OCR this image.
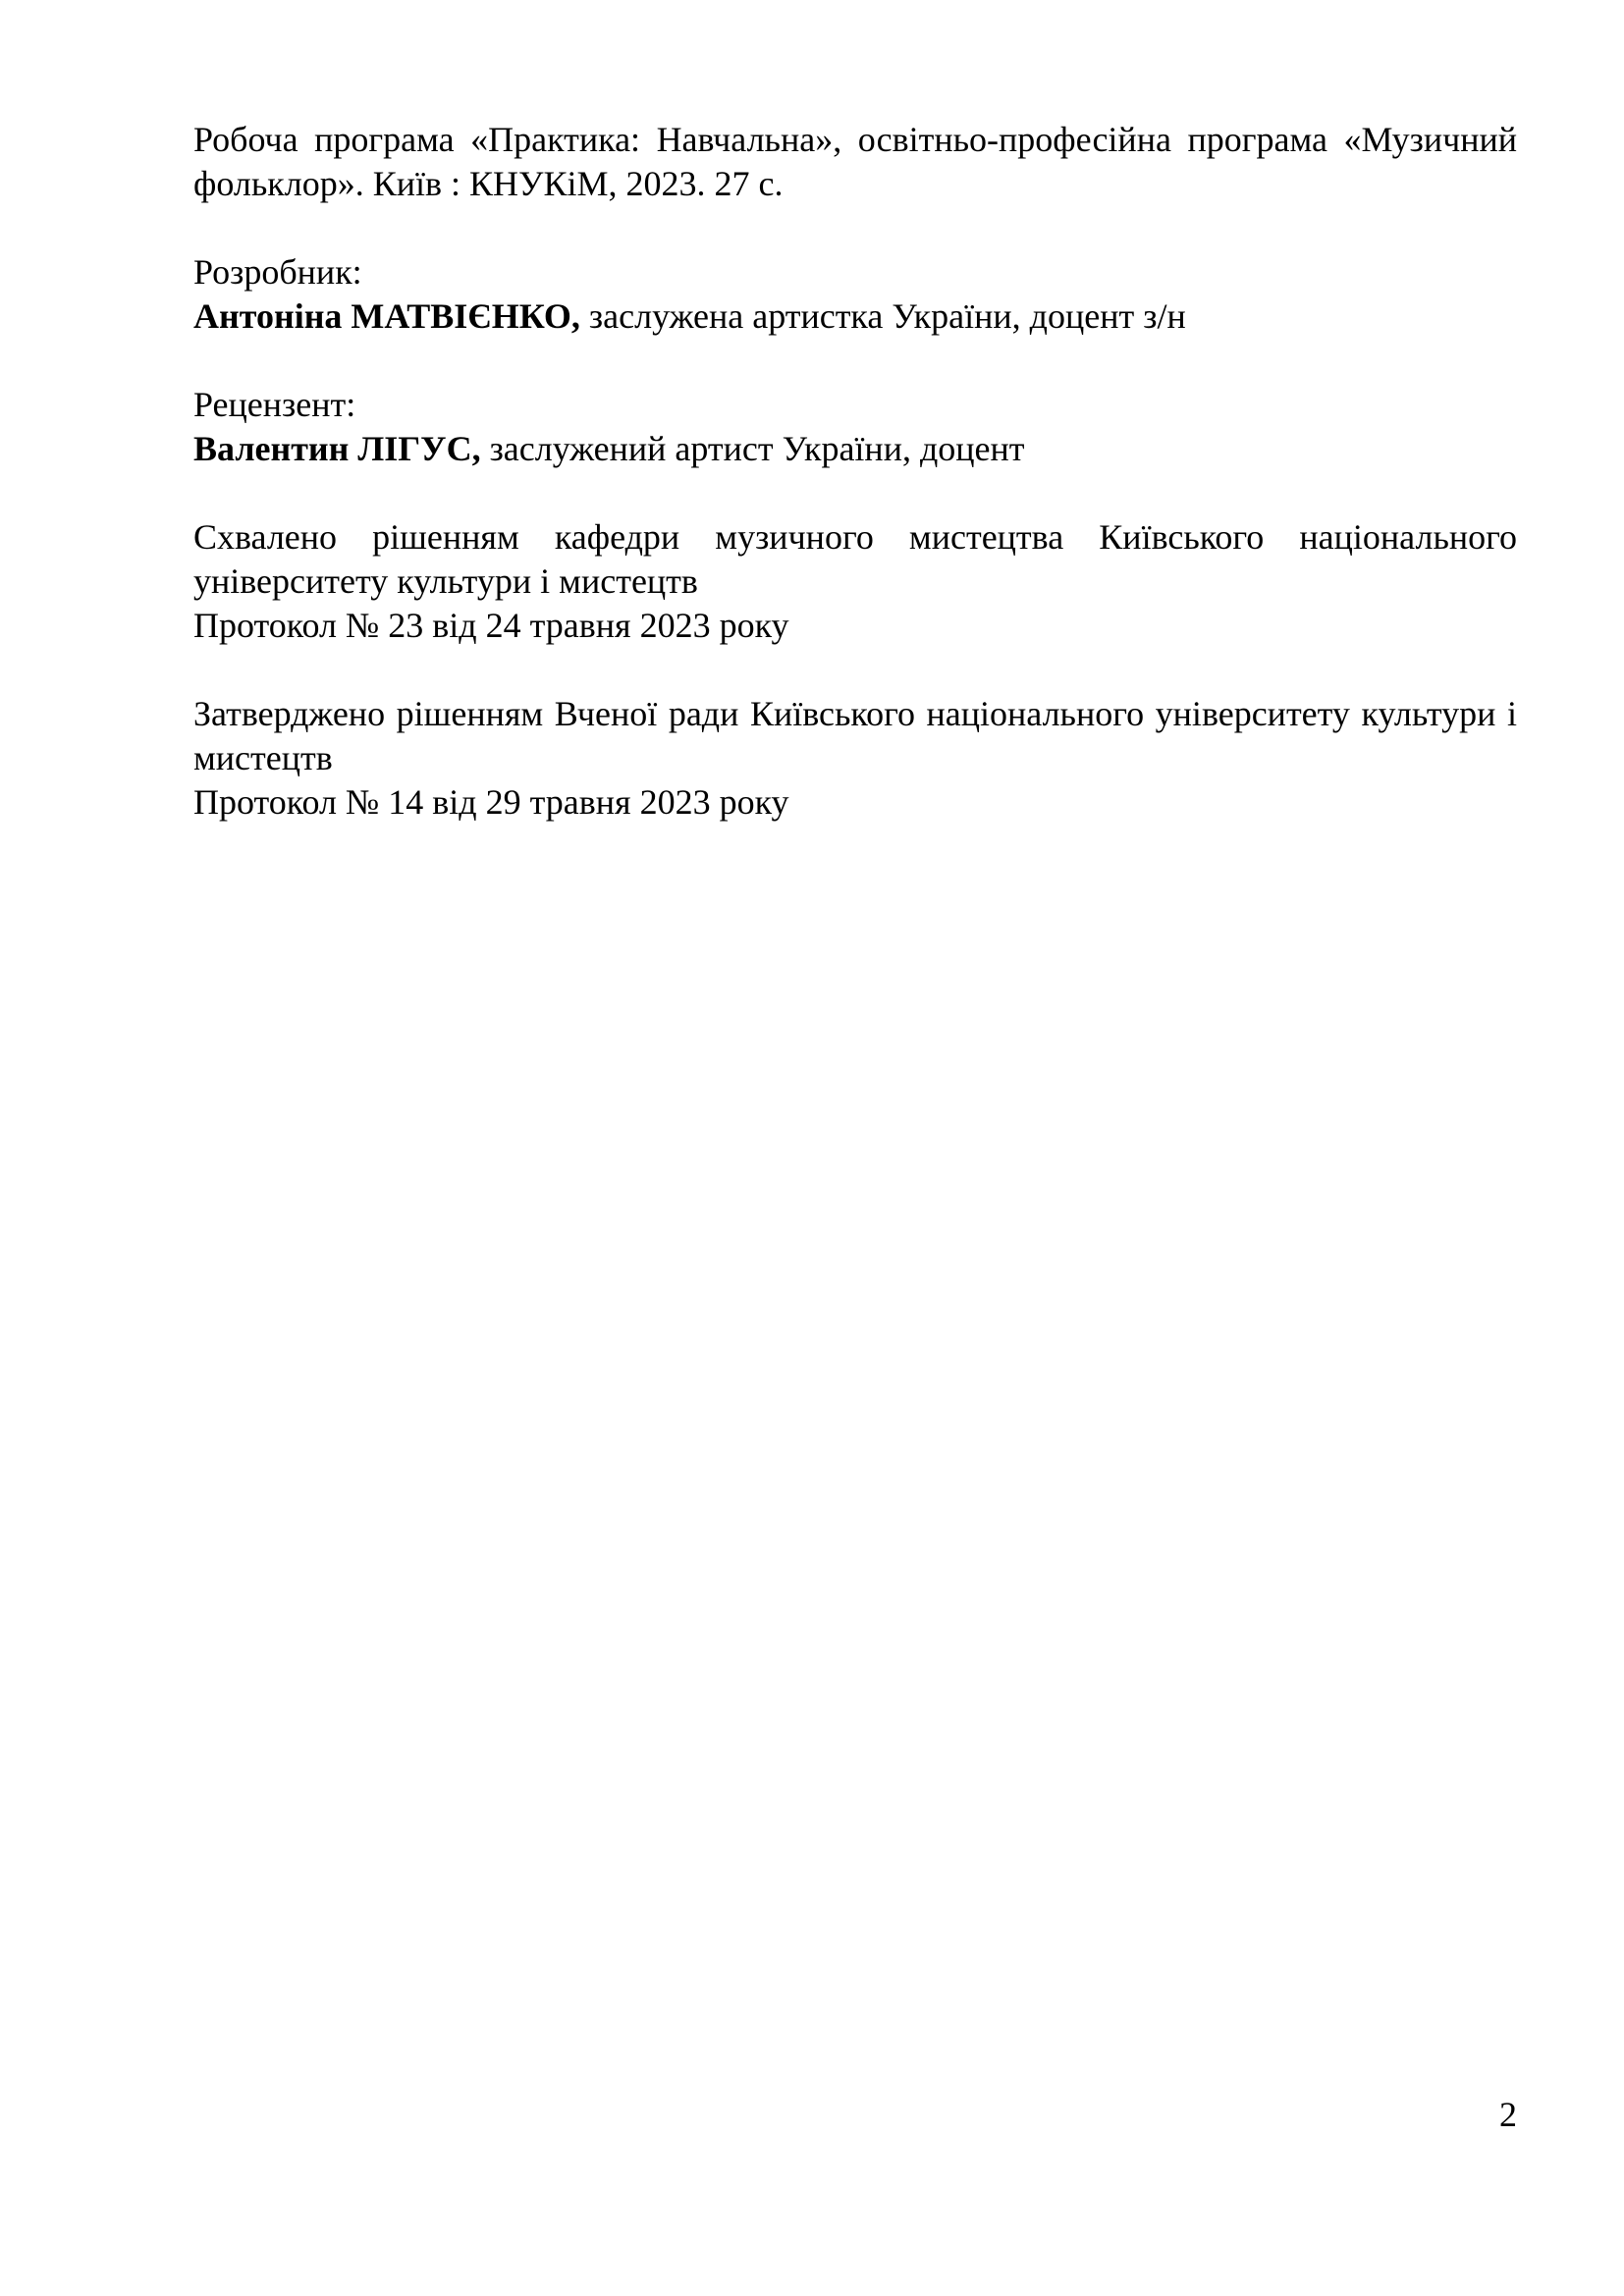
Робоча програма «Практика: Навчальна», освітньо-професійна програма «Музичний фольклор». Київ : КНУКіМ, 2023. 27 с.

Розробник:
Антоніна МАТВІЄНКО, заслужена артистка України, доцент з/н

Рецензент:
Валентин ЛІГУС, заслужений артист України, доцент

Схвалено рішенням кафедри музичного мистецтва Київського національного університету культури і мистецтв
Протокол № 23 від 24 травня 2023 року

Затверджено рішенням Вченої ради Київського національного університету культури і мистецтв
Протокол № 14 від 29 травня 2023 року

2
